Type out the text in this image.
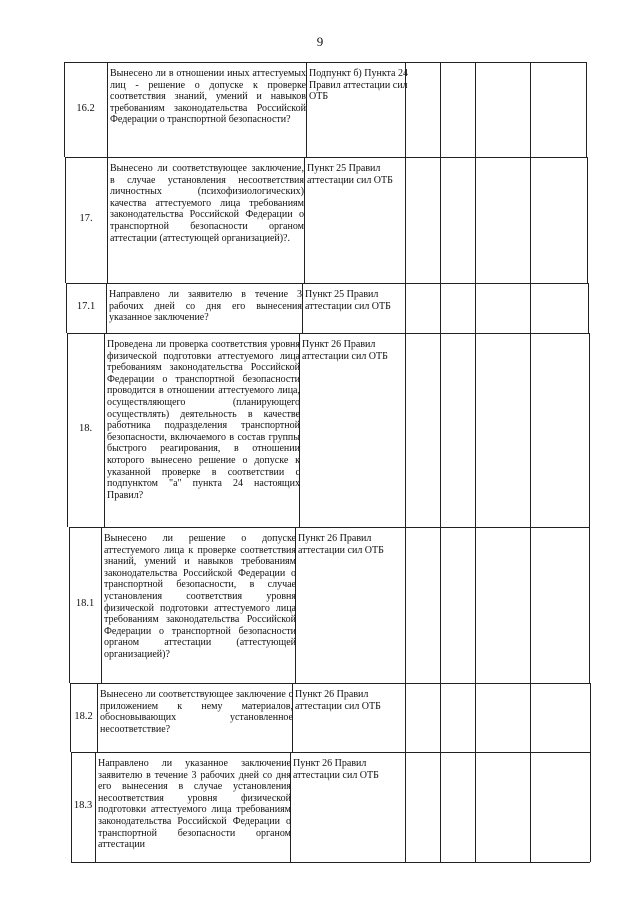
9
16.2
Вынесено ли в отношении иных аттестуемых лиц - решение о допуске к проверке соответствия знаний, умений и навыков требованиям законодательства Российской Федерации о транспортной безопасности?
Подпункт б) Пункта 24 Правил аттестации сил ОТБ
17.
Вынесено ли соответствующее заключение, в случае установления несоответствия личностных (психофизиологических) качества аттестуемого лица требованиям законодательства Российской Федерации о транспортной безопасности органом аттестации (аттестующей организацией)?.
Пункт 25 Правил аттестации сил ОТБ
17.1
Направлено ли заявителю в течение 3 рабочих дней со дня его вынесения указанное заключение?
Пункт 25 Правил аттестации сил ОТБ
18.
Проведена ли проверка соответствия уровня физической подготовки аттестуемого лица требованиям законодательства Российской Федерации о транспортной безопасности проводится в отношении аттестуемого лица, осуществляющего (планирующего осуществлять) деятельность в качестве работника подразделения транспортной безопасности, включаемого в состав группы быстрого реагирования, в отношении которого вынесено решение о допуске к указанной проверке в соответствии с подпунктом "а" пункта 24 настоящих Правил?
Пункт 26 Правил аттестации сил ОТБ
18.1
Вынесено ли решение о допуске аттестуемого лица к проверке соответствия знаний, умений и навыков требованиям законодательства Российской Федерации о транспортной безопасности, в случае установления соответствия уровня физической подготовки аттестуемого лица требованиям законодательства Российской Федерации о транспортной безопасности органом аттестации (аттестующей организацией)?
Пункт 26 Правил аттестации сил ОТБ
18.2
Вынесено ли соответствующее заключение с приложением к нему материалов, обосновывающих установленное несоответствие?
Пункт 26 Правил аттестации сил ОТБ
18.3
Направлено ли указанное заключение заявителю в течение 3 рабочих дней со дня его вынесения в случае установления несоответствия уровня физической подготовки аттестуемого лица требованиям законодательства Российской Федерации о транспортной безопасности органом аттестации
Пункт 26 Правил аттестации сил ОТБ
